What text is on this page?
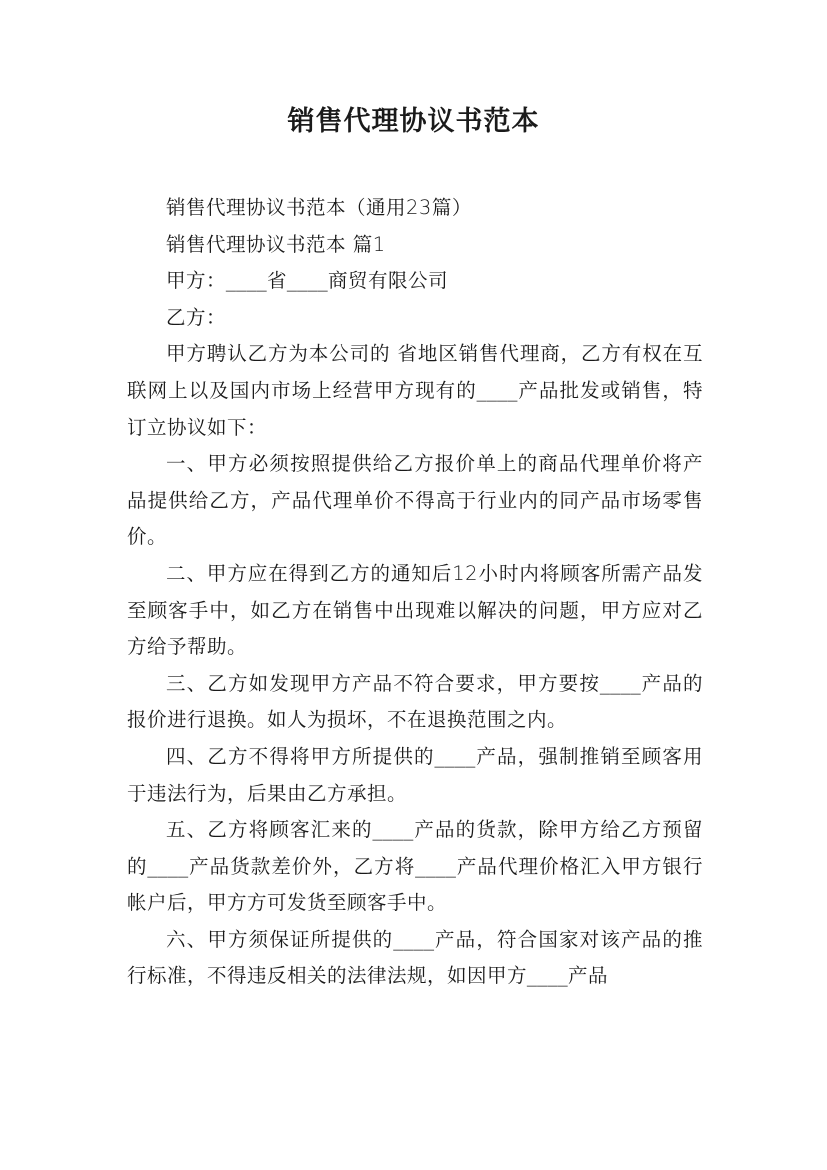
销售代理协议书范本

销售代理协议书范本（通用23篇）

销售代理协议书范本 篇1

甲方：____省____商贸有限公司

乙方：

甲方聘认乙方为本公司的 省地区销售代理商，乙方有权在互联网上以及国内市场上经营甲方现有的____产品批发或销售，特订立协议如下：

一、甲方必须按照提供给乙方报价单上的商品代理单价将产品提供给乙方，产品代理单价不得高于行业内的同产品市场零售价。

二、甲方应在得到乙方的通知后12小时内将顾客所需产品发至顾客手中，如乙方在销售中出现难以解决的问题，甲方应对乙方给予帮助。

三、乙方如发现甲方产品不符合要求，甲方要按____产品的报价进行退换。如人为损坏，不在退换范围之内。

四、乙方不得将甲方所提供的____产品，强制推销至顾客用于违法行为，后果由乙方承担。

五、乙方将顾客汇来的____产品的货款，除甲方给乙方预留的____产品货款差价外，乙方将____产品代理价格汇入甲方银行帐户后，甲方方可发货至顾客手中。

六、甲方须保证所提供的____产品，符合国家对该产品的推行标准，不得违反相关的法律法规，如因甲方____产品
